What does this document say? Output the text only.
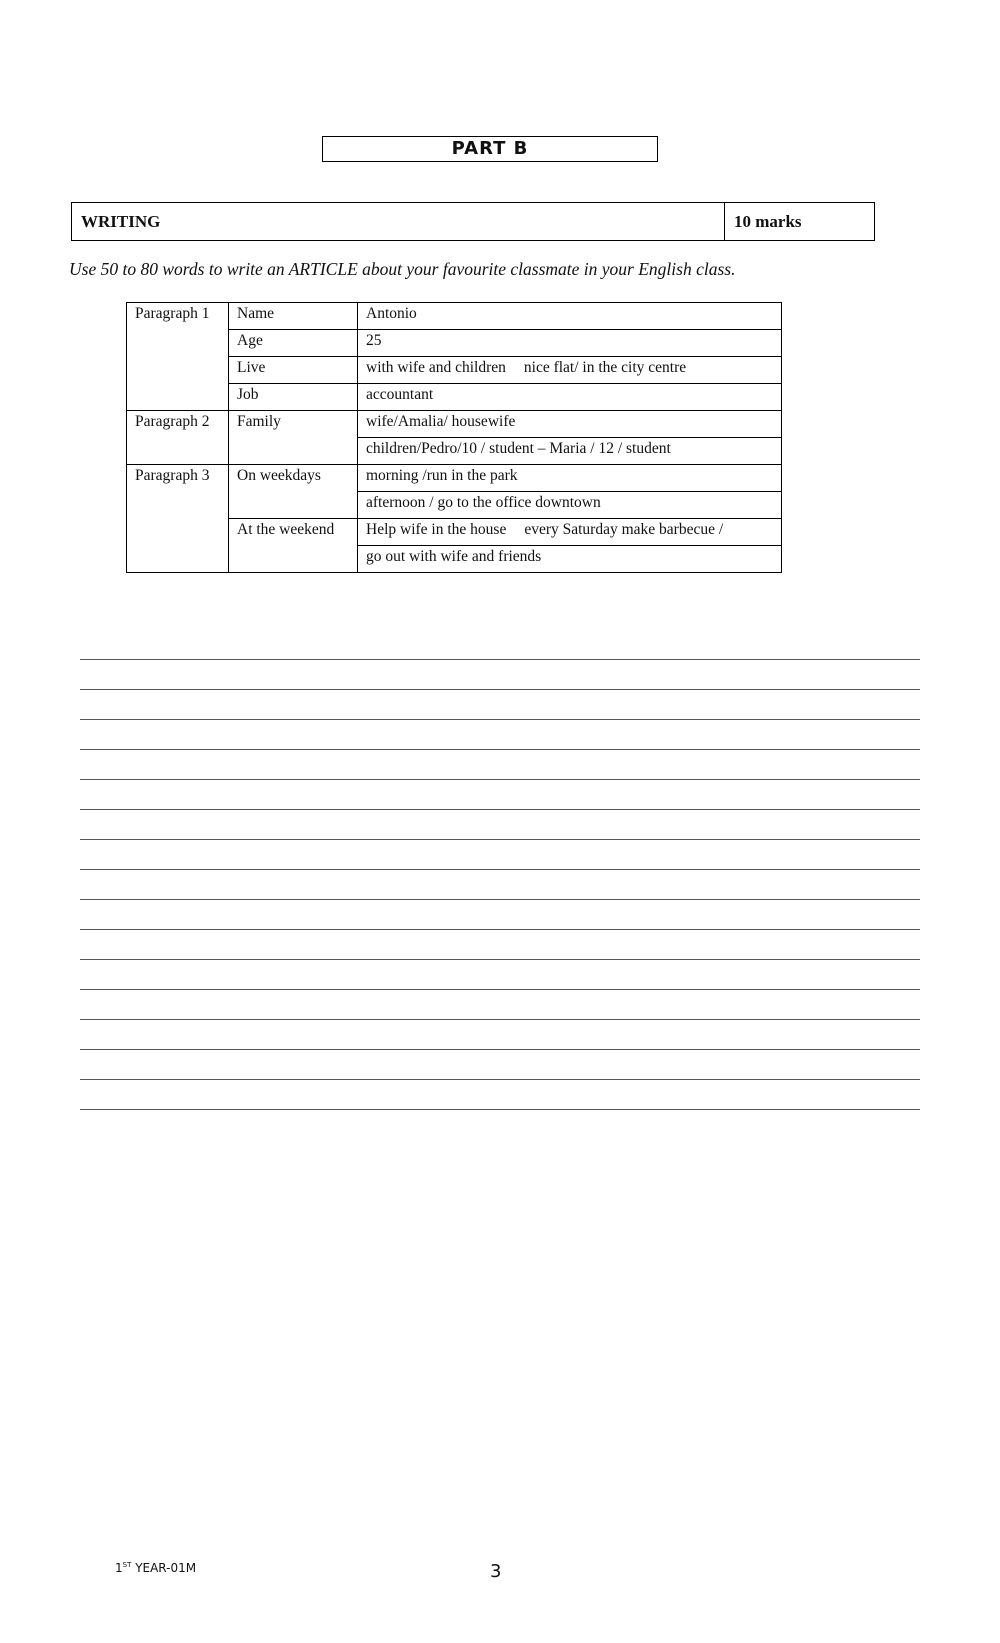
PART B
WRITING	10 marks

Use 50 to 80 words to write an ARTICLE about your favourite classmate in your English class.

Paragraph 1	Name	Antonio
	Age	25
	Live	with wife and children nice flat/ in the city centre
	Job	accountant
Paragraph 2	Family	wife/Amalia/ housewife
		children/Pedro/10 / student – Maria / 12 / student
Paragraph 3	On weekdays	morning /run in the park
		afternoon / go to the office downtown
	At the weekend	Help wife in the house every Saturday make barbecue /
		go out with wife and friends
1ST YEAR-01M	3
